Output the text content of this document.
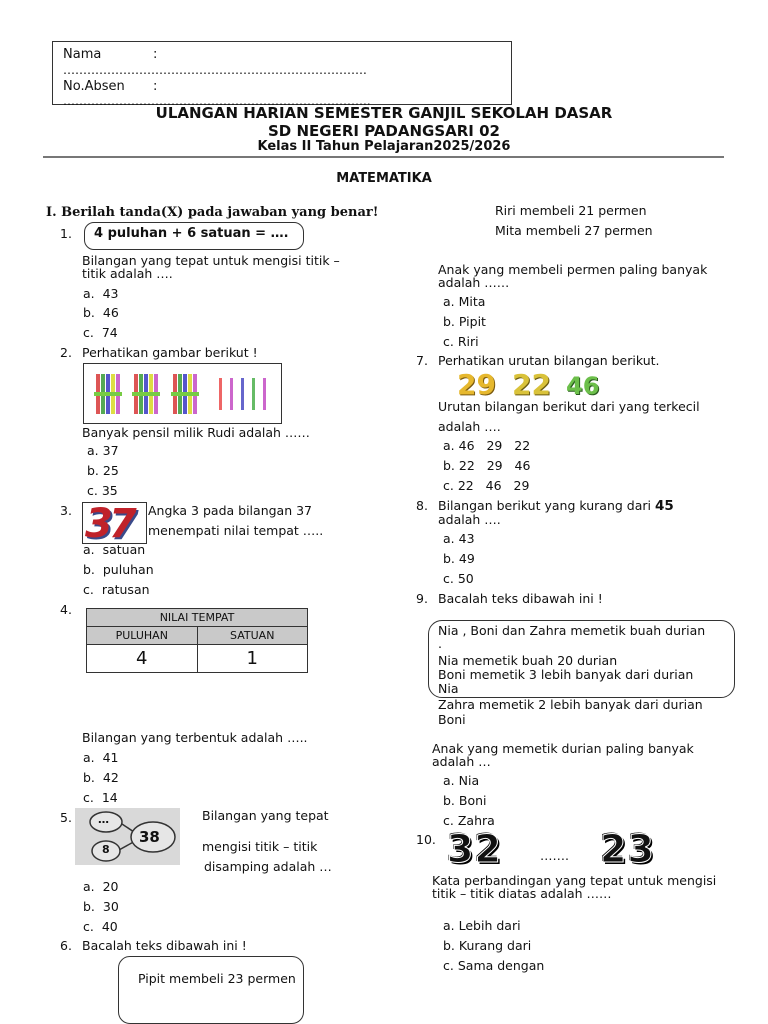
Nama	:
………………………………………………………………….
No.Absen :
…………………………………………………………………..
ULANGAN HARIAN SEMESTER GANJIL SEKOLAH DASAR
SD NEGERI PADANGSARI 02
Kelas II Tahun Pelajaran2025/2026
MATEMATIKA
I. Berilah tanda(X) pada jawaban yang benar!
1. 4 puluhan + 6 satuan = ….
Bilangan yang tepat untuk mengisi titik –
titik adalah ….
a. 43
b. 46
c. 74
2. Perhatikan gambar berikut !
Banyak pensil milik Rudi adalah ……
a. 37
b. 25
c. 35
3. 37 Angka 3 pada bilangan 37
menempati nilai tempat …..
a. satuan
b. puluhan
c. ratusan
4.
NILAI TEMPAT	
PULUHAN	SATUAN
4	1
Bilangan yang terbentuk adalah …..
a. 41
b. 42
c. 14
5. …
38
8
Bilangan yang tepat
mengisi titik – titik
disamping adalah …
a. 20
b. 30
c. 40
6. Bacalah teks dibawah ini !
Pipit membeli 23 permen
Riri membeli 21 permen
Mita membeli 27 permen
Anak yang membeli permen paling banyak
adalah ……
a. Mita
b. Pipit
c. Riri
7. Perhatikan urutan bilangan berikut.
29 22 46
Urutan bilangan berikut dari yang terkecil
adalah ….
a. 46   29   22
b. 22   29   46
c. 22   46   29
8. Bilangan berikut yang kurang dari 45
adalah ….
a. 43
b. 49
c. 50
9. Bacalah teks dibawah ini !
Nia , Boni dan Zahra memetik buah durian
.
Nia memetik buah 20 durian
Boni memetik 3 lebih banyak dari durian
Nia
Zahra memetik 2 lebih banyak dari durian
Boni
Anak yang memetik durian paling banyak
adalah …
a. Nia
b. Boni
c. Zahra
10. 32	……. 23
Kata perbandingan yang tepat untuk mengisi
titik – titik diatas adalah ……
a. Lebih dari
b. Kurang dari
c. Sama dengan
